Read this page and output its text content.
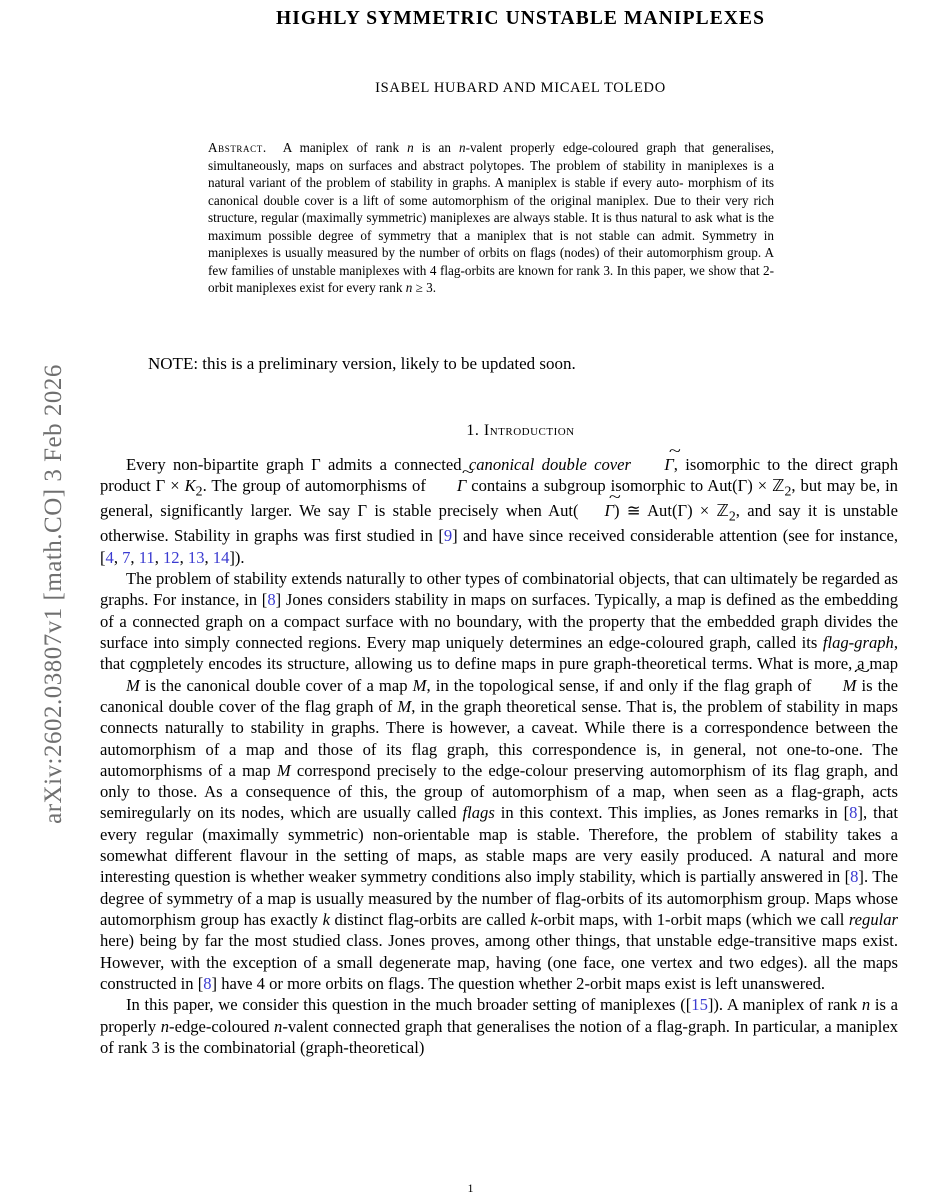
arXiv:2602.03807v1 [math.CO] 3 Feb 2026
HIGHLY SYMMETRIC UNSTABLE MANIPLEXES
ISABEL HUBARD AND MICAEL TOLEDO
Abstract.  A maniplex of rank n is an n-valent properly edge-coloured graph that generalises, simultaneously, maps on surfaces and abstract polytopes. The problem of stability in maniplexes is a natural variant of the problem of stability in graphs. A maniplex is stable if every auto- morphism of its canonical double cover is a lift of some automorphism of the original maniplex. Due to their very rich structure, regular (maximally symmetric) maniplexes are always stable. It is thus natural to ask what is the maximum possible degree of symmetry that a maniplex that is not stable can admit. Symmetry in maniplexes is usually measured by the number of orbits on flags (nodes) of their automorphism group. A few families of unstable maniplexes with 4 flag-orbits are known for rank 3. In this paper, we show that 2-orbit maniplexes exist for every rank n ≥ 3.
NOTE: this is a preliminary version, likely to be updated soon.
1. Introduction

Every non-bipartite graph Γ admits a connected canonical double cover Γ ~, isomorphic to the direct graph product $\Gamma \times K_2$. The group of automorphisms of Γ ~ contains a subgroup isomorphic to Aut(Γ) × ℤ$_2$, but may be, in general, significantly larger. We say Γ is stable precisely when Aut( Γ ~) ≅ Aut(Γ) × ℤ$_2$, and say it is unstable otherwise. Stability in graphs was first studied in [9] and have since received considerable attention (see for instance, [4, 7, 11, 12, 13, 14]).

The problem of stability extends naturally to other types of combinatorial objects, that can ultimately be regarded as graphs. For instance, in [8] Jones considers stability in maps on surfaces. Typically, a map is defined as the embedding of a connected graph on a compact surface with no boundary, with the property that the embedded graph divides the surface into simply connected regions. Every map uniquely determines an edge-coloured graph, called its flag-graph, that completely encodes its structure, allowing us to define maps in pure graph-theoretical terms. What is more, a map M ~ is the canonical double cover of a map M, in the topological sense, if and only if the flag graph of M ~ is the canonical double cover of the flag graph of M, in the graph theoretical sense. That is, the problem of stability in maps connects naturally to stability in graphs. There is however, a caveat. While there is a correspondence between the automorphism of a map and those of its flag graph, this correspondence is, in general, not one-to-one. The automorphisms of a map M correspond precisely to the edge-colour preserving automorphism of its flag graph, and only to those. As a consequence of this, the group of automorphism of a map, when seen as a flag-graph, acts semiregularly on its nodes, which are usually called flags in this context. This implies, as Jones remarks in [8], that every regular (maximally symmetric) non-orientable map is stable. Therefore, the problem of stability takes a somewhat different flavour in the setting of maps, as stable maps are very easily produced. A natural and more interesting question is whether weaker symmetry conditions also imply stability, which is partially answered in [8]. The degree of symmetry of a map is usually measured by the number of flag-orbits of its automorphism group. Maps whose automorphism group has exactly k distinct flag-orbits are called k-orbit maps, with 1-orbit maps (which we call regular here) being by far the most studied class. Jones proves, among other things, that unstable edge-transitive maps exist. However, with the exception of a small degenerate map, having (one face, one vertex and two edges). all the maps constructed in [8] have 4 or more orbits on flags. The question whether 2-orbit maps exist is left unanswered.

In this paper, we consider this question in the much broader setting of maniplexes ([15]). A maniplex of rank n is a properly n-edge-coloured n-valent connected graph that generalises the notion of a flag-graph. In particular, a maniplex of rank 3 is the combinatorial (graph-theoretical)

1
